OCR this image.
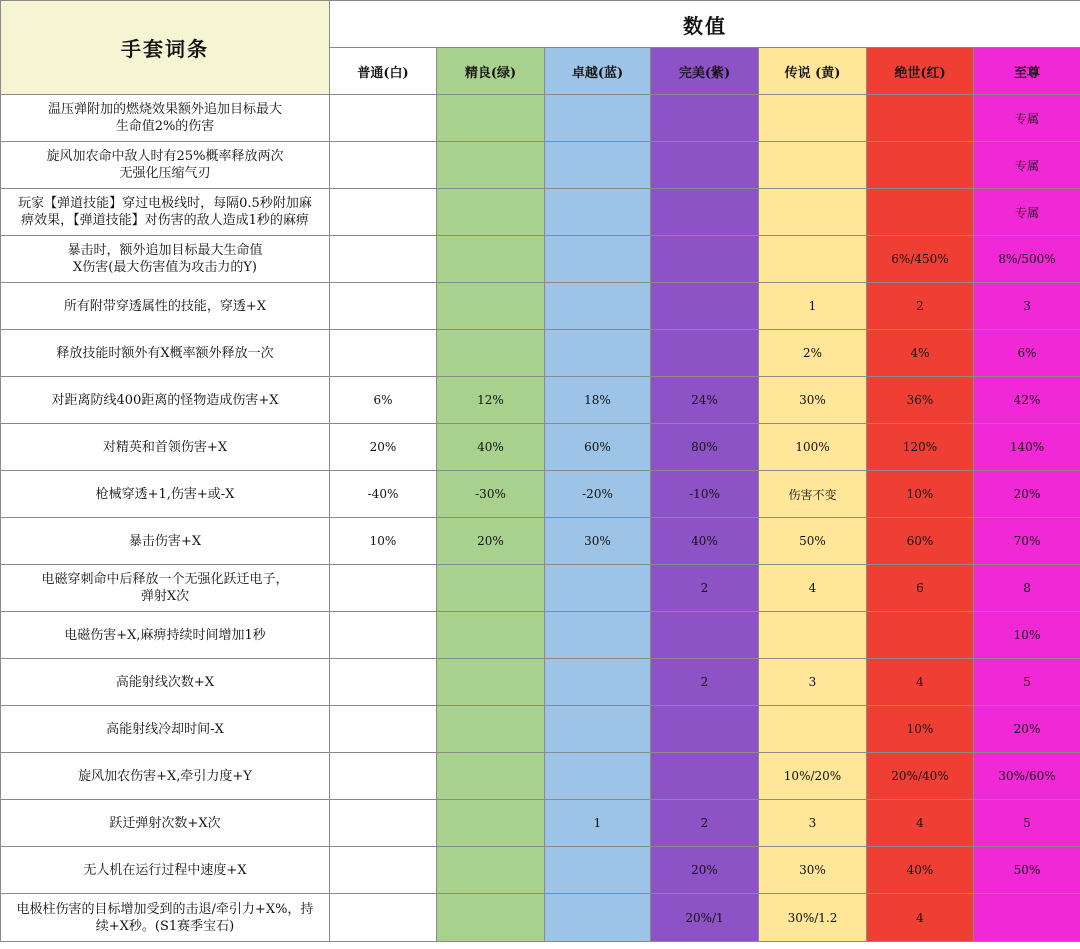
手套词条	数值						
	普通(白)	精良(绿)	卓越(蓝)	完美(紫)	传说 (黄)	绝世(红)	至尊
温压弹附加的燃烧效果额外追加目标最大
生命值2%的伤害							专属
旋风加农命中敌人时有25%概率释放两次
无强化压缩气刃							专属
玩家【弹道技能】穿过电极线时，每隔0.5秒附加麻
痹效果，【弹道技能】对伤害的敌人造成1秒的麻痹							专属
暴击时，额外追加目标最大生命值
X伤害(最大伤害值为攻击力的Y)						6%/450%	8%/500%
所有附带穿透属性的技能，穿透+X					1	2	3
释放技能时额外有X概率额外释放一次					2%	4%	6%
对距离防线400距离的怪物造成伤害+X	6%	12%	18%	24%	30%	36%	42%
对精英和首领伤害+X	20%	40%	60%	80%	100%	120%	140%
枪械穿透+1,伤害+或-X	-40%	-30%	-20%	-10%	伤害不变	10%	20%
暴击伤害+X	10%	20%	30%	40%	50%	60%	70%
电磁穿刺命中后释放一个无强化跃迁电子，
弹射X次				2	4	6	8
电磁伤害+X,麻痹持续时间增加1秒							10%
高能射线次数+X				2	3	4	5
高能射线冷却时间-X						10%	20%
旋风加农伤害+X,牵引力度+Y					10%/20%	20%/40%	30%/60%
跃迁弹射次数+X次			1	2	3	4	5
无人机在运行过程中速度+X				20%	30%	40%	50%
电极柱伤害的目标增加受到的击退/牵引力+X%，持
续+X秒。(S1赛季宝石)				20%/1	30%/1.2	4	
